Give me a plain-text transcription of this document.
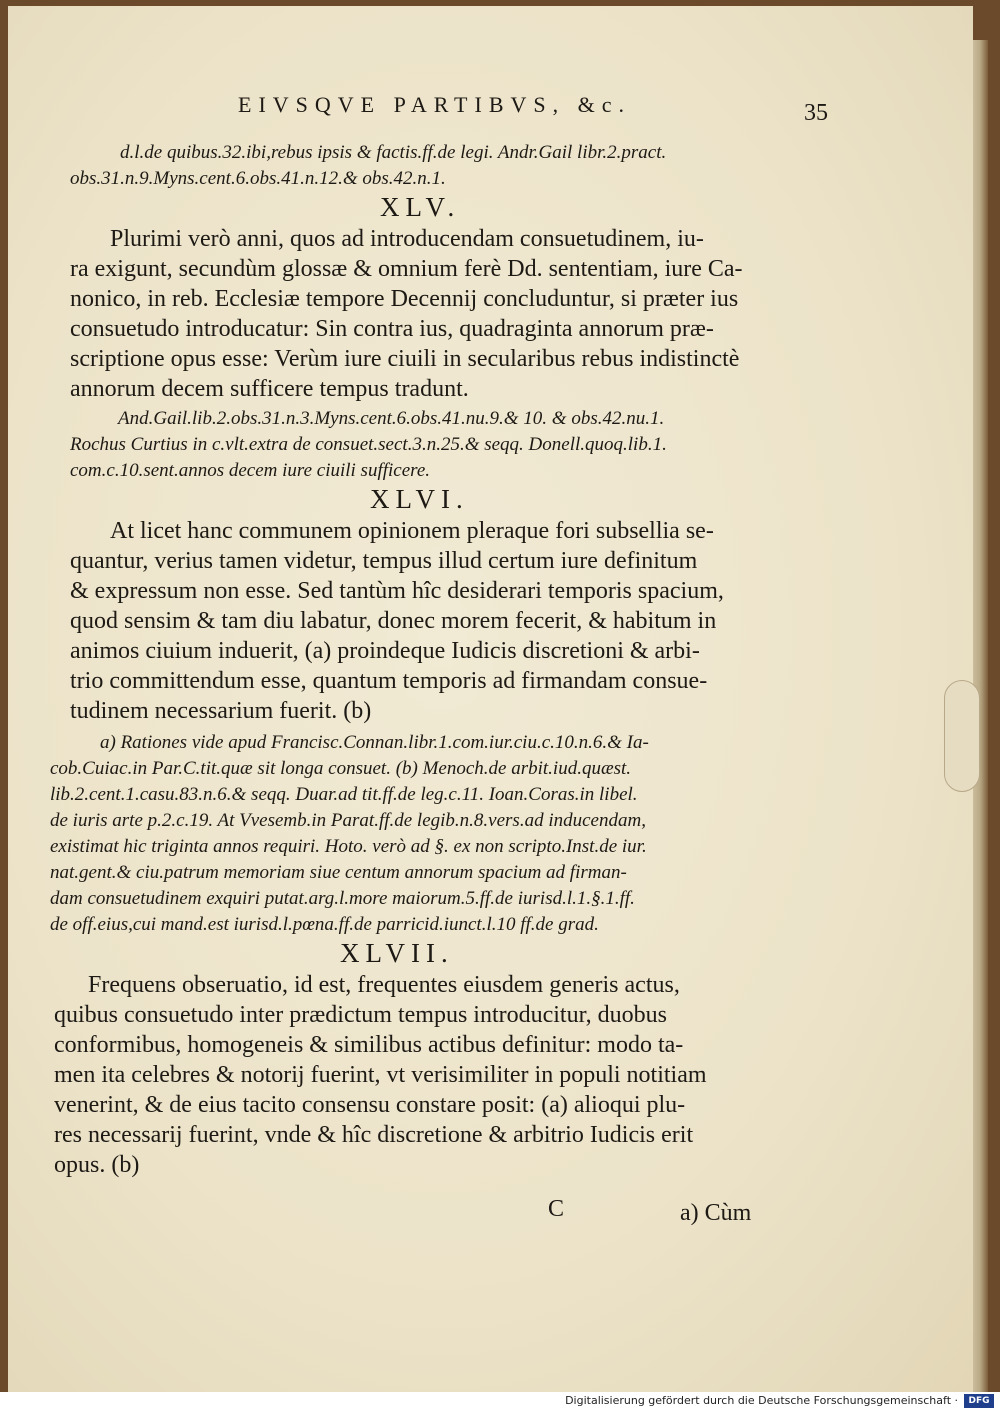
EIVSQVE PARTIBVS, &c.	35
d.l.de quibus.32.ibi,rebus ipsis & factis.ff.de legi. Andr.Gail libr.2.pract.
obs.31.n.9.Myns.cent.6.obs.41.n.12.& obs.42.n.1.
XLV.
Plurimi verò anni, quos ad introducendam consuetudinem, iu-
ra exigunt, secundùm glossæ & omnium ferè Dd. sententiam, iure Ca-
nonico, in reb. Ecclesiæ tempore Decennij concluduntur, si præter ius
consuetudo introducatur: Sin contra ius, quadraginta annorum præ-
scriptione opus esse: Verùm iure ciuili in secularibus rebus indistinctè
annorum decem sufficere tempus tradunt.
And.Gail.lib.2.obs.31.n.3.Myns.cent.6.obs.41.nu.9.& 10. & obs.42.nu.1.
Rochus Curtius in c.vlt.extra de consuet.sect.3.n.25.& seqq. Donell.quoq.lib.1.
com.c.10.sent.annos decem iure ciuili sufficere.
XLVI.
At licet hanc communem opinionem pleraque fori subsellia se-
quantur, verius tamen videtur, tempus illud certum iure definitum
& expressum non esse. Sed tantùm hîc desiderari temporis spacium,
quod sensim & tam diu labatur, donec morem fecerit, & habitum in
animos ciuium induerit, (a) proindeque Iudicis discretioni & arbi-
trio committendum esse, quantum temporis ad firmandam consue-
tudinem necessarium fuerit. (b)
a) Rationes vide apud Francisc.Connan.libr.1.com.iur.ciu.c.10.n.6.& Ia-
cob.Cuiac.in Par.C.tit.quæ sit longa consuet. (b) Menoch.de arbit.iud.quæst.
lib.2.cent.1.casu.83.n.6.& seqq. Duar.ad tit.ff.de leg.c.11. Ioan.Coras.in libel.
de iuris arte p.2.c.19. At Vvesemb.in Parat.ff.de legib.n.8.vers.ad inducendam,
existimat hic triginta annos requiri. Hoto. verò ad §. ex non scripto.Inst.de iur.
nat.gent.& ciu.patrum memoriam siue centum annorum spacium ad firman-
dam consuetudinem exquiri putat.arg.l.more maiorum.5.ff.de iurisd.l.1.§.1.ff.
de off.eius,cui mand.est iurisd.l.pœna.ff.de parricid.iunct.l.10 ff.de grad.
XLVII.
Frequens obseruatio, id est, frequentes eiusdem generis actus,
quibus consuetudo inter prædictum tempus introducitur, duobus
conformibus, homogeneis & similibus actibus definitur: modo ta-
men ita celebres & notorij fuerint, vt verisimiliter in populi notitiam
venerint, & de eius tacito consensu constare posit: (a) alioqui plu-
res necessarij fuerint, vnde & hîc discretione & arbitrio Iudicis erit
opus. (b)
C	a) Cùm
Digitalisierung gefördert durch die Deutsche Forschungsgemeinschaft ·	DFG
